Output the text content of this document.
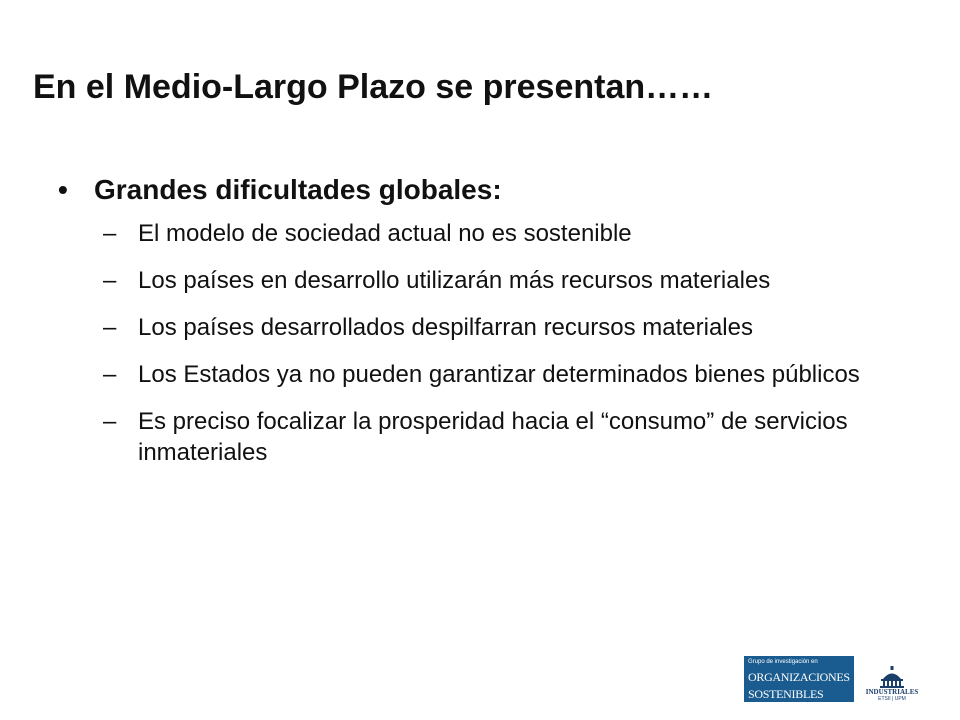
En el Medio-Largo Plazo se presentan……
• Grandes dificultades globales:
– El modelo de sociedad actual no es sostenible
– Los países en desarrollo utilizarán más recursos materiales
– Los países desarrollados despilfarran recursos materiales
– Los Estados ya no pueden garantizar determinados bienes públicos
– Es preciso focalizar la prosperidad hacia el “consumo” de servicios inmateriales
Grupo de investigación en
ORGANIZACIONES
SOSTENIBLES	INDUSTRIALES
ETSII | UPM
